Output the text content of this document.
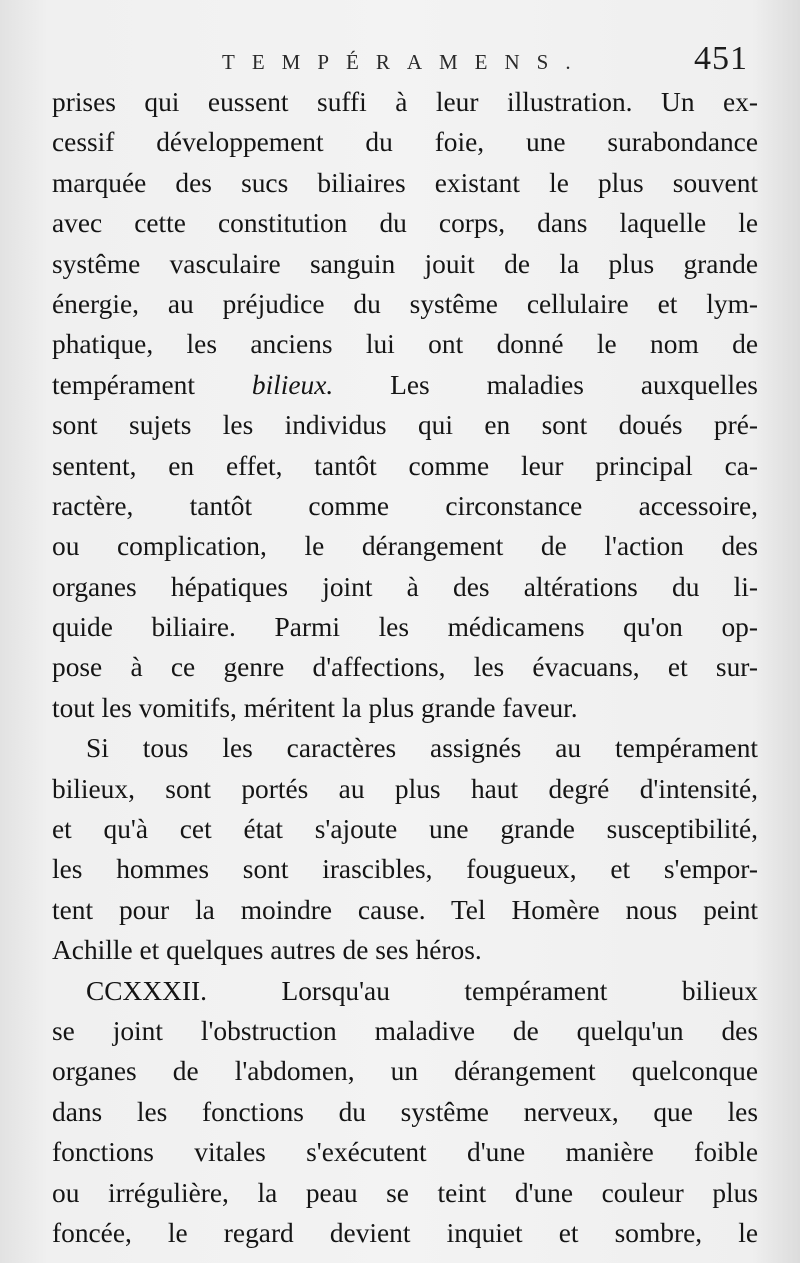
TEMPÉRAMENS.	451
prises qui eussent suffi à leur illustration. Un ex-
cessif développement du foie, une surabondance
marquée des sucs biliaires existant le plus souvent
avec cette constitution du corps, dans laquelle le
systême vasculaire sanguin jouit de la plus grande
énergie, au préjudice du systême cellulaire et lym-
phatique, les anciens lui ont donné le nom de
tempérament bilieux. Les maladies auxquelles
sont sujets les individus qui en sont doués pré-
sentent, en effet, tantôt comme leur principal ca-
ractère, tantôt comme circonstance accessoire,
ou complication, le dérangement de l'action des
organes hépatiques joint à des altérations du li-
quide biliaire. Parmi les médicamens qu'on op-
pose à ce genre d'affections, les évacuans, et sur-
tout les vomitifs, méritent la plus grande faveur.
Si tous les caractères assignés au tempérament
bilieux, sont portés au plus haut degré d'intensité,
et qu'à cet état s'ajoute une grande susceptibilité,
les hommes sont irascibles, fougueux, et s'empor-
tent pour la moindre cause. Tel Homère nous peint
Achille et quelques autres de ses héros.
CCXXXII. Lorsqu'au tempérament bilieux
se joint l'obstruction maladive de quelqu'un des
organes de l'abdomen, un dérangement quelconque
dans les fonctions du systême nerveux, que les
fonctions vitales s'exécutent d'une manière foible
ou irrégulière, la peau se teint d'une couleur plus
foncée, le regard devient inquiet et sombre, le
